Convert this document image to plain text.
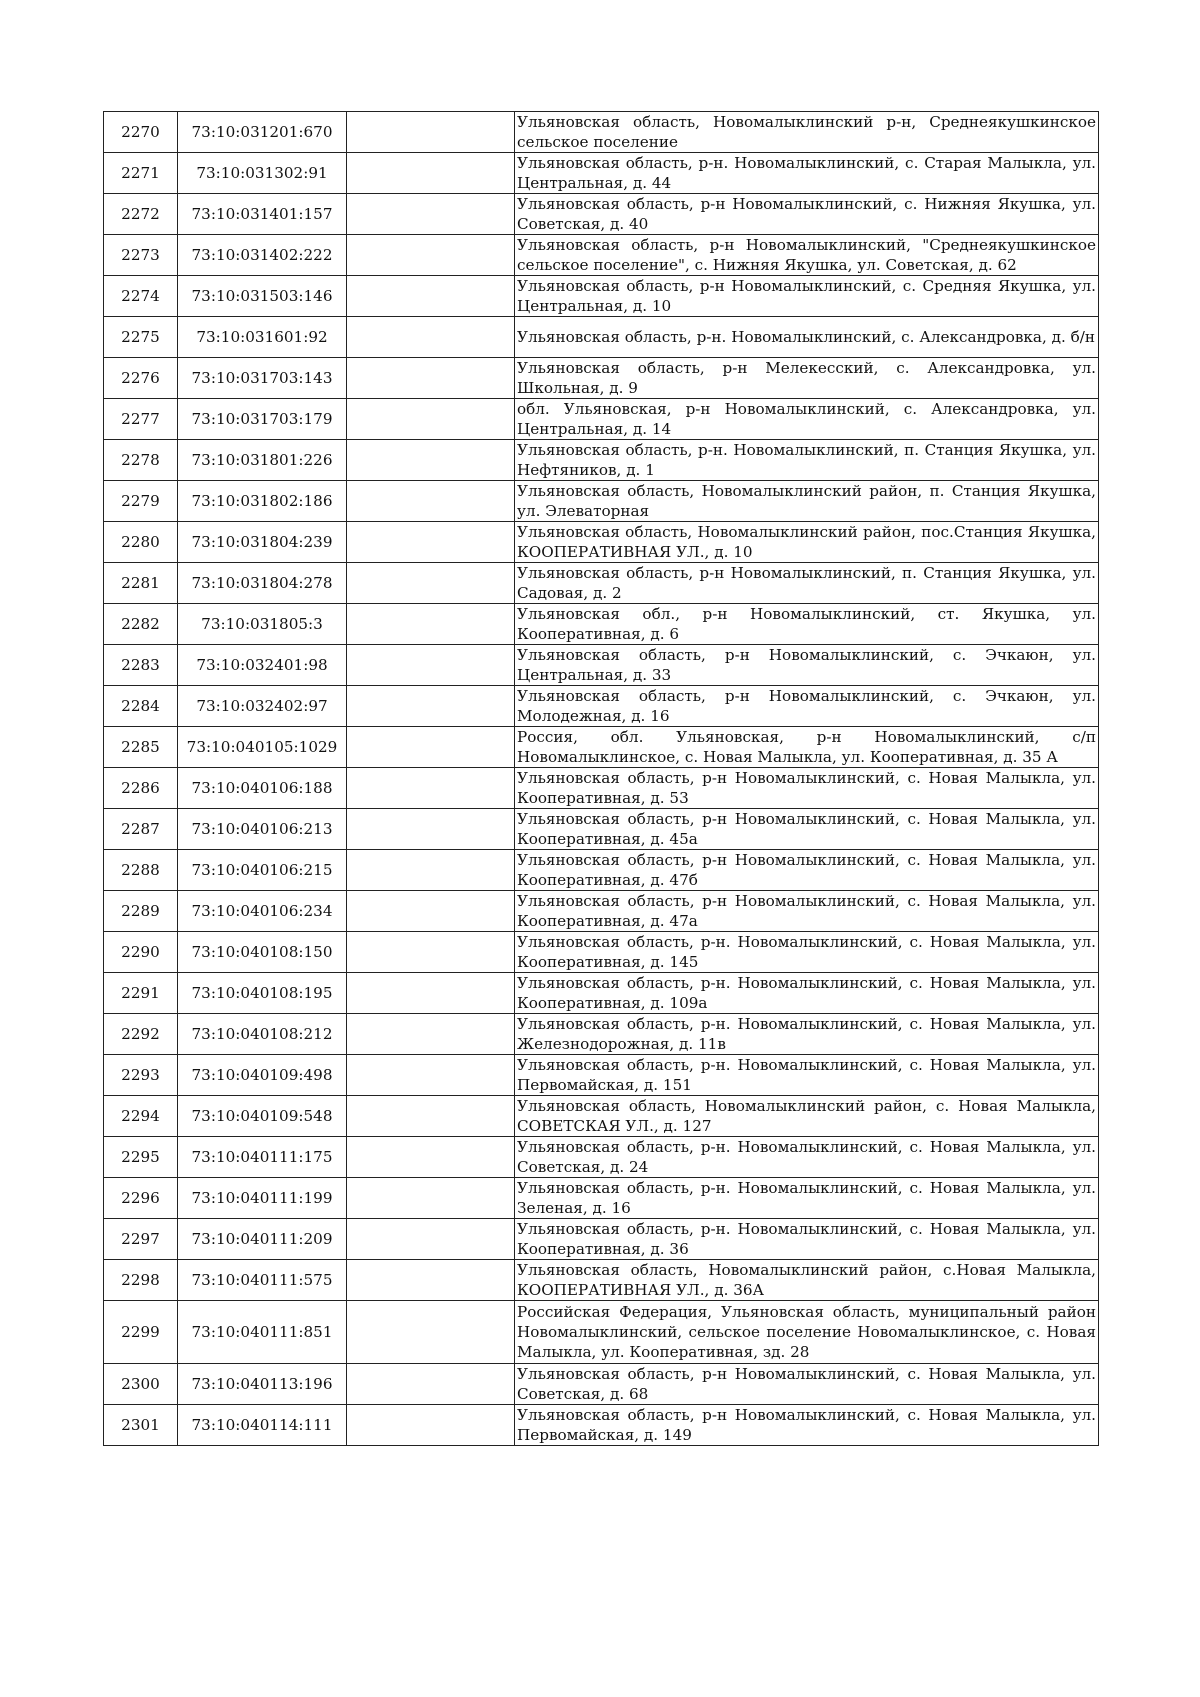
2270	73:10:031201:670		Ульяновская область, Новомалыклинский р-н, Среднеякушкинское сельское поселение
2271	73:10:031302:91		Ульяновская область, р-н. Новомалыклинский, с. Старая Малыкла, ул. Центральная, д. 44
2272	73:10:031401:157		Ульяновская область, р-н Новомалыклинский, с. Нижняя Якушка, ул. Советская, д. 40
2273	73:10:031402:222		Ульяновская область, р-н Новомалыклинский, "Среднеякушкинское сельское поселение", с. Нижняя Якушка, ул. Советская, д. 62
2274	73:10:031503:146		Ульяновская область, р-н Новомалыклинский, с. Средняя Якушка, ул. Центральная, д. 10
2275	73:10:031601:92		Ульяновская область, р-н. Новомалыклинский, с. Александровка, д. б/н
2276	73:10:031703:143		Ульяновская область, р-н Мелекесский, с. Александровка, ул. Школьная, д. 9
2277	73:10:031703:179		обл. Ульяновская, р-н Новомалыклинский, с. Александровка, ул. Центральная, д. 14
2278	73:10:031801:226		Ульяновская область, р-н. Новомалыклинский, п. Станция Якушка, ул. Нефтяников, д. 1
2279	73:10:031802:186		Ульяновская область, Новомалыклинский район, п. Станция Якушка, ул. Элеваторная
2280	73:10:031804:239		Ульяновская область, Новомалыклинский район, пос.Станция Якушка, КООПЕРАТИВНАЯ УЛ., д. 10
2281	73:10:031804:278		Ульяновская область, р-н Новомалыклинский, п. Станция Якушка, ул. Садовая, д. 2
2282	73:10:031805:3		Ульяновская обл., р-н Новомалыклинский, ст. Якушка, ул. Кооперативная, д. 6
2283	73:10:032401:98		Ульяновская область, р-н Новомалыклинский, с. Эчкаюн, ул. Центральная, д. 33
2284	73:10:032402:97		Ульяновская область, р-н Новомалыклинский, с. Эчкаюн, ул. Молодежная, д. 16
2285	73:10:040105:1029		Россия, обл. Ульяновская, р-н Новомалыклинский, с/п Новомалыклинское, с. Новая Малыкла, ул. Кооперативная, д. 35 А
2286	73:10:040106:188		Ульяновская область, р-н Новомалыклинский, с. Новая Малыкла, ул. Кооперативная, д. 53
2287	73:10:040106:213		Ульяновская область, р-н Новомалыклинский, с. Новая Малыкла, ул. Кооперативная, д. 45а
2288	73:10:040106:215		Ульяновская область, р-н Новомалыклинский, с. Новая Малыкла, ул. Кооперативная, д. 47б
2289	73:10:040106:234		Ульяновская область, р-н Новомалыклинский, с. Новая Малыкла, ул. Кооперативная, д. 47а
2290	73:10:040108:150		Ульяновская область, р-н. Новомалыклинский, с. Новая Малыкла, ул. Кооперативная, д. 145
2291	73:10:040108:195		Ульяновская область, р-н. Новомалыклинский, с. Новая Малыкла, ул. Кооперативная, д. 109а
2292	73:10:040108:212		Ульяновская область, р-н. Новомалыклинский, с. Новая Малыкла, ул. Железнодорожная, д. 11в
2293	73:10:040109:498		Ульяновская область, р-н. Новомалыклинский, с. Новая Малыкла, ул. Первомайская, д. 151
2294	73:10:040109:548		Ульяновская область, Новомалыклинский район, с. Новая Малыкла, СОВЕТСКАЯ УЛ., д. 127
2295	73:10:040111:175		Ульяновская область, р-н. Новомалыклинский, с. Новая Малыкла, ул. Советская, д. 24
2296	73:10:040111:199		Ульяновская область, р-н. Новомалыклинский, с. Новая Малыкла, ул. Зеленая, д. 16
2297	73:10:040111:209		Ульяновская область, р-н. Новомалыклинский, с. Новая Малыкла, ул. Кооперативная, д. 36
2298	73:10:040111:575		Ульяновская область, Новомалыклинский район, с.Новая Малыкла, КООПЕРАТИВНАЯ УЛ., д. 36А
2299	73:10:040111:851		Российская Федерация, Ульяновская область, муниципальный район Новомалыклинский, сельское поселение Новомалыклинское, с. Новая Малыкла, ул. Кооперативная, зд. 28
2300	73:10:040113:196		Ульяновская область, р-н Новомалыклинский, с. Новая Малыкла, ул. Советская, д. 68
2301	73:10:040114:111		Ульяновская область, р-н Новомалыклинский, с. Новая Малыкла, ул. Первомайская, д. 149
